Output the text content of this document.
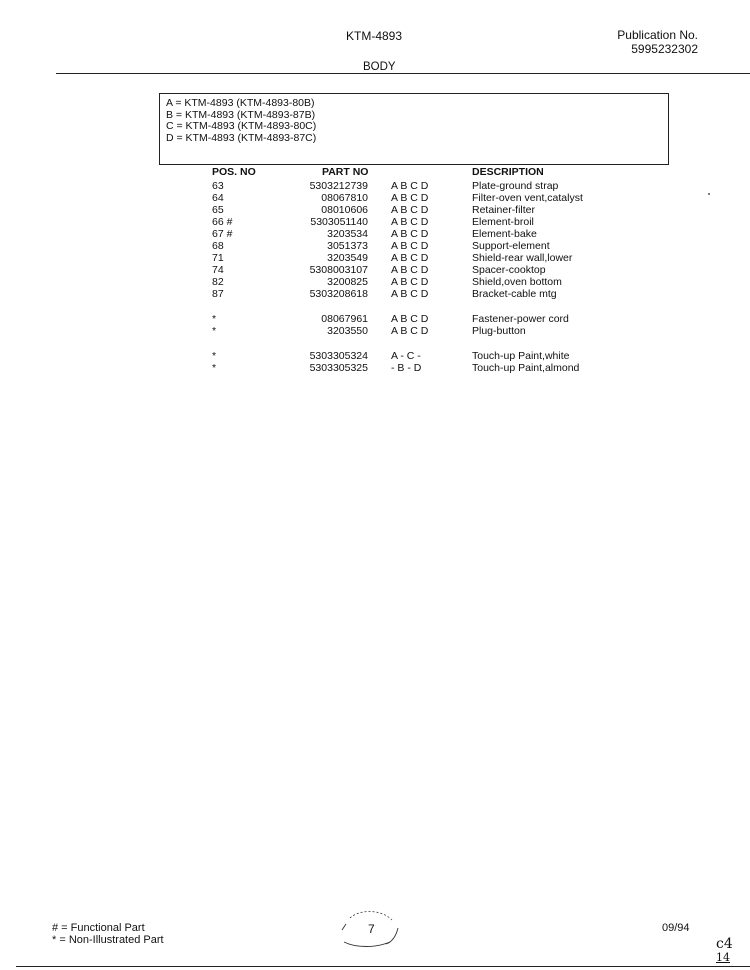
KTM-4893	Publication No.
5995232302
BODY
A = KTM-4893 (KTM-4893-80B)
B = KTM-4893 (KTM-4893-87B)
C = KTM-4893 (KTM-4893-80C)
D = KTM-4893 (KTM-4893-87C)
POS. NO	PART NO	DESCRIPTION
63	5303212739 A B C D	Plate-ground strap
64	08067810 A B C D	Filter-oven vent,catalyst
65	08010606 A B C D	Retainer-filter
66 #	5303051140 A B C D	Element-broil
67 #	3203534 A B C D	Element-bake
68	3051373 A B C D	Support-element
71	3203549 A B C D	Shield-rear wall,lower
74	5308003107 A B C D	Spacer-cooktop
82	3200825 A B C D	Shield,oven bottom
87	5303208618 A B C D	Bracket-cable mtg
*	08067961 A B C D	Fastener-power cord
*	3203550 A B C D	Plug-button
*	5303305324 A - C -	Touch-up Paint,white
*	5303305325 - B - D	Touch-up Paint,almond
# = Functional Part
* = Non-Illustrated Part
7	09/94
c4
14
